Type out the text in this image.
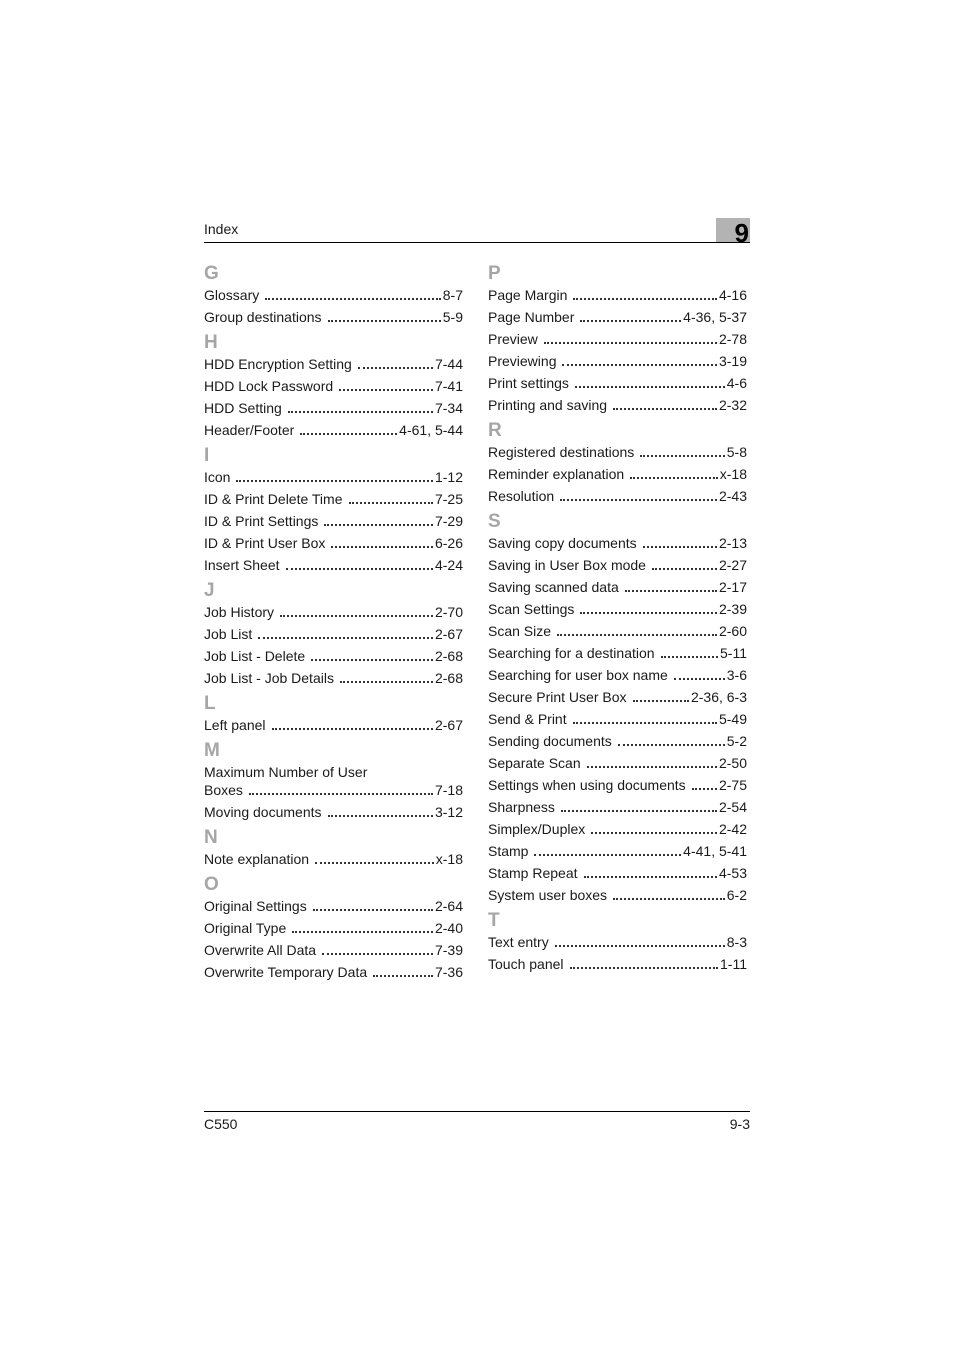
Index	9
G
Glossary	8-7
Group destinations	5-9
H
HDD Encryption Setting	7-44
HDD Lock Password	7-41
HDD Setting	7-34
Header/Footer	4-61, 5-44
I
Icon	1-12
ID & Print Delete Time	7-25
ID & Print Settings	7-29
ID & Print User Box	6-26
Insert Sheet	4-24
J
Job History	2-70
Job List	2-67
Job List - Delete	2-68
Job List - Job Details	2-68
L
Left panel	2-67
M
Maximum Number of User
Boxes	7-18
Moving documents	3-12
N
Note explanation	x-18
O
Original Settings	2-64
Original Type	2-40
Overwrite All Data	7-39
Overwrite Temporary Data	7-36
P
Page Margin	4-16
Page Number	4-36, 5-37
Preview	2-78
Previewing	3-19
Print settings	4-6
Printing and saving	2-32
R
Registered destinations	5-8
Reminder explanation	x-18
Resolution	2-43
S
Saving copy documents	2-13
Saving in User Box mode	2-27
Saving scanned data	2-17
Scan Settings	2-39
Scan Size	2-60
Searching for a destination	5-11
Searching for user box name	3-6
Secure Print User Box	2-36, 6-3
Send & Print	5-49
Sending documents	5-2
Separate Scan	2-50
Settings when using documents 2-75
Sharpness	2-54
Simplex/Duplex	2-42
Stamp	4-41, 5-41
Stamp Repeat	4-53
System user boxes	6-2
T
Text entry	8-3
Touch panel	1-11
C550	9-3
